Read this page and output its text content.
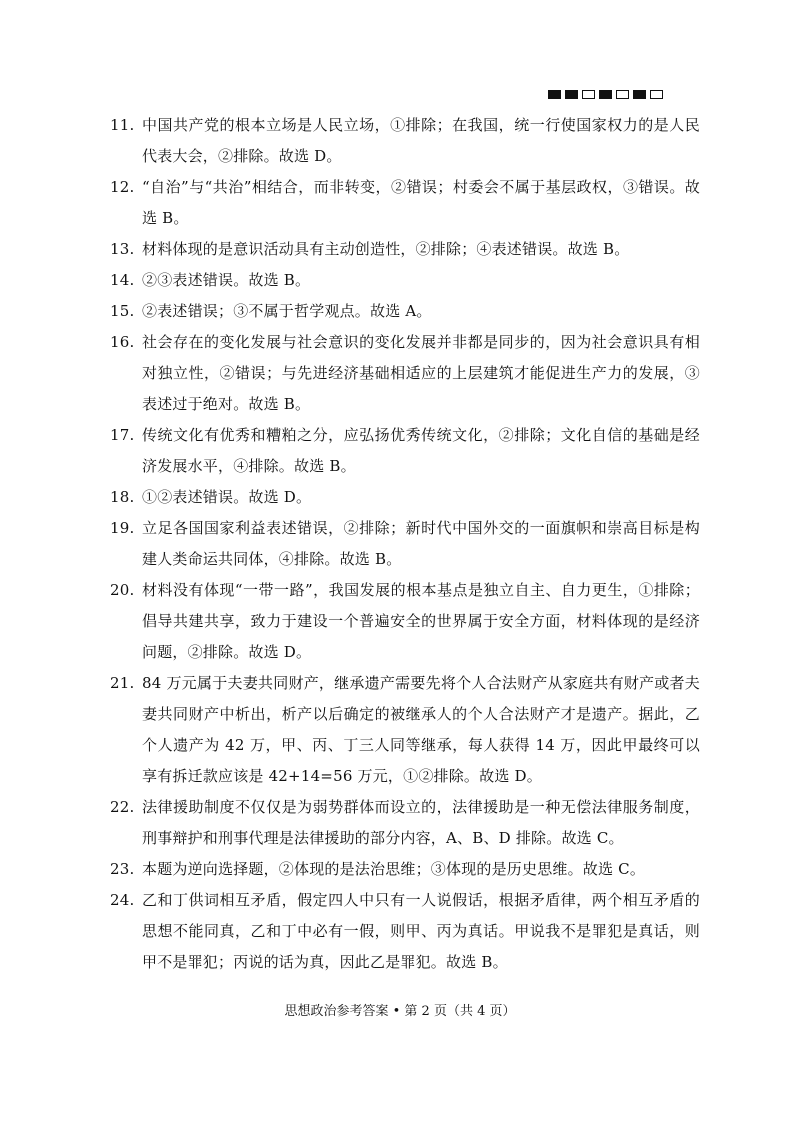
11. 中国共产党的根本立场是人民立场，①排除；在我国，统一行使国家权力的是人民代表大会，②排除。故选 D。
12. “自治”与“共治”相结合，而非转变，②错误；村委会不属于基层政权，③错误。故选 B。
13. 材料体现的是意识活动具有主动创造性，②排除；④表述错误。故选 B。
14. ②③表述错误。故选 B。
15. ②表述错误；③不属于哲学观点。故选 A。
16. 社会存在的变化发展与社会意识的变化发展并非都是同步的，因为社会意识具有相对独立性，②错误；与先进经济基础相适应的上层建筑才能促进生产力的发展，③表述过于绝对。故选 B。
17. 传统文化有优秀和糟粕之分，应弘扬优秀传统文化，②排除；文化自信的基础是经济发展水平，④排除。故选 B。
18. ①②表述错误。故选 D。
19. 立足各国国家利益表述错误，②排除；新时代中国外交的一面旗帜和崇高目标是构建人类命运共同体，④排除。故选 B。
20. 材料没有体现“一带一路”，我国发展的根本基点是独立自主、自力更生，①排除；倡导共建共享，致力于建设一个普遍安全的世界属于安全方面，材料体现的是经济问题，②排除。故选 D。
21. 84 万元属于夫妻共同财产，继承遗产需要先将个人合法财产从家庭共有财产或者夫妻共同财产中析出，析产以后确定的被继承人的个人合法财产才是遗产。据此，乙个人遗产为 42 万，甲、丙、丁三人同等继承，每人获得 14 万，因此甲最终可以享有拆迁款应该是 42+14=56 万元，①②排除。故选 D。
22. 法律援助制度不仅仅是为弱势群体而设立的，法律援助是一种无偿法律服务制度，刑事辩护和刑事代理是法律援助的部分内容，A、B、D 排除。故选 C。
23. 本题为逆向选择题，②体现的是法治思维；③体现的是历史思维。故选 C。
24. 乙和丁供词相互矛盾，假定四人中只有一人说假话，根据矛盾律，两个相互矛盾的思想不能同真，乙和丁中必有一假，则甲、丙为真话。甲说我不是罪犯是真话，则甲不是罪犯；丙说的话为真，因此乙是罪犯。故选 B。
思想政治参考答案 • 第 2 页（共 4 页）
